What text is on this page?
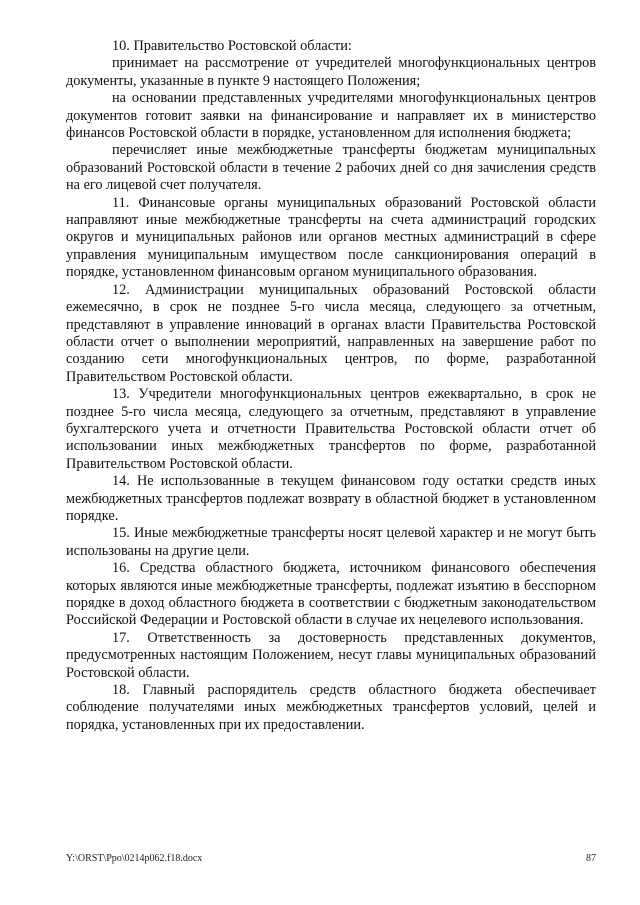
10. Правительство Ростовской области:

принимает на рассмотрение от учредителей многофункциональных центров документы, указанные в пункте 9 настоящего Положения;

на основании представленных учредителями многофункциональных центров документов готовит заявки на финансирование и направляет их в министерство финансов Ростовской области в порядке, установленном для исполнения бюджета;

перечисляет иные межбюджетные трансферты бюджетам муниципальных образований Ростовской области в течение 2 рабочих дней со дня зачисления средств на его лицевой счет получателя.

11. Финансовые органы муниципальных образований Ростовской области направляют иные межбюджетные трансферты на счета администраций городских округов и муниципальных районов или органов местных администраций в сфере управления муниципальным имуществом после санкционирования операций в порядке, установленном финансовым органом муниципального образования.

12. Администрации муниципальных образований Ростовской области ежемесячно, в срок не позднее 5-го числа месяца, следующего за отчетным, представляют в управление инноваций в органах власти Правительства Ростовской области отчет о выполнении мероприятий, направленных на завершение работ по созданию сети многофункциональных центров, по форме, разработанной Правительством Ростовской области.

13. Учредители многофункциональных центров ежеквартально, в срок не позднее 5-го числа месяца, следующего за отчетным, представляют в управление бухгалтерского учета и отчетности Правительства Ростовской области отчет об использовании иных межбюджетных трансфертов по форме, разработанной Правительством Ростовской области.

14. Не использованные в текущем финансовом году остатки средств иных межбюджетных трансфертов подлежат возврату в областной бюджет в установленном порядке.

15. Иные межбюджетные трансферты носят целевой характер и не могут быть использованы на другие цели.

16. Средства областного бюджета, источником финансового обеспечения которых являются иные межбюджетные трансферты, подлежат изъятию в бесспорном порядке в доход областного бюджета в соответствии с бюджетным законодательством Российской Федерации и Ростовской области в случае их нецелевого использования.

17. Ответственность за достоверность представленных документов, предусмотренных настоящим Положением, несут главы муниципальных образований Ростовской области.

18. Главный распорядитель средств областного бюджета обеспечивает соблюдение получателями иных межбюджетных трансфертов условий, целей и порядка, установленных при их предоставлении.

Y:\ORST\Ppo\0214p062.f18.docx	87
